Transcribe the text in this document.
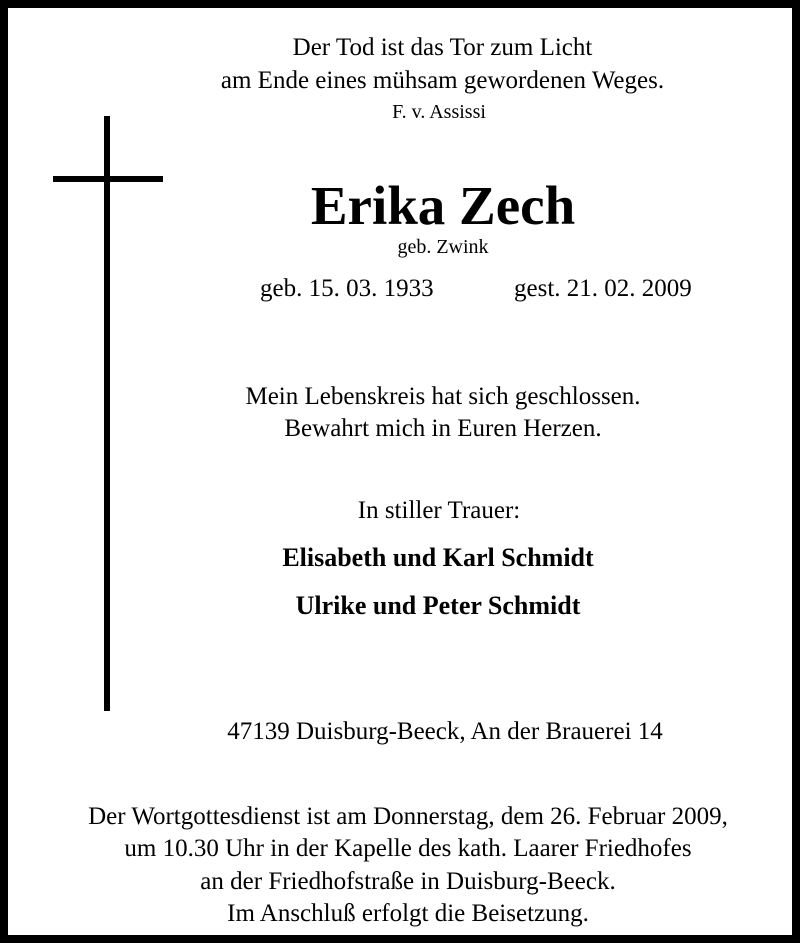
Der Tod ist das Tor zum Licht
am Ende eines mühsam gewordenen Weges.
F. v. Assissi
Erika Zech
geb. Zwink
geb. 15. 03. 1933	gest. 21. 02. 2009
Mein Lebenskreis hat sich geschlossen.
Bewahrt mich in Euren Herzen.
In stiller Trauer:
Elisabeth und Karl Schmidt
Ulrike und Peter Schmidt
47139 Duisburg-Beeck, An der Brauerei 14
Der Wortgottesdienst ist am Donnerstag, dem 26. Februar 2009,
um 10.30 Uhr in der Kapelle des kath. Laarer Friedhofes
an der Friedhofstraße in Duisburg-Beeck.
Im Anschluß erfolgt die Beisetzung.
